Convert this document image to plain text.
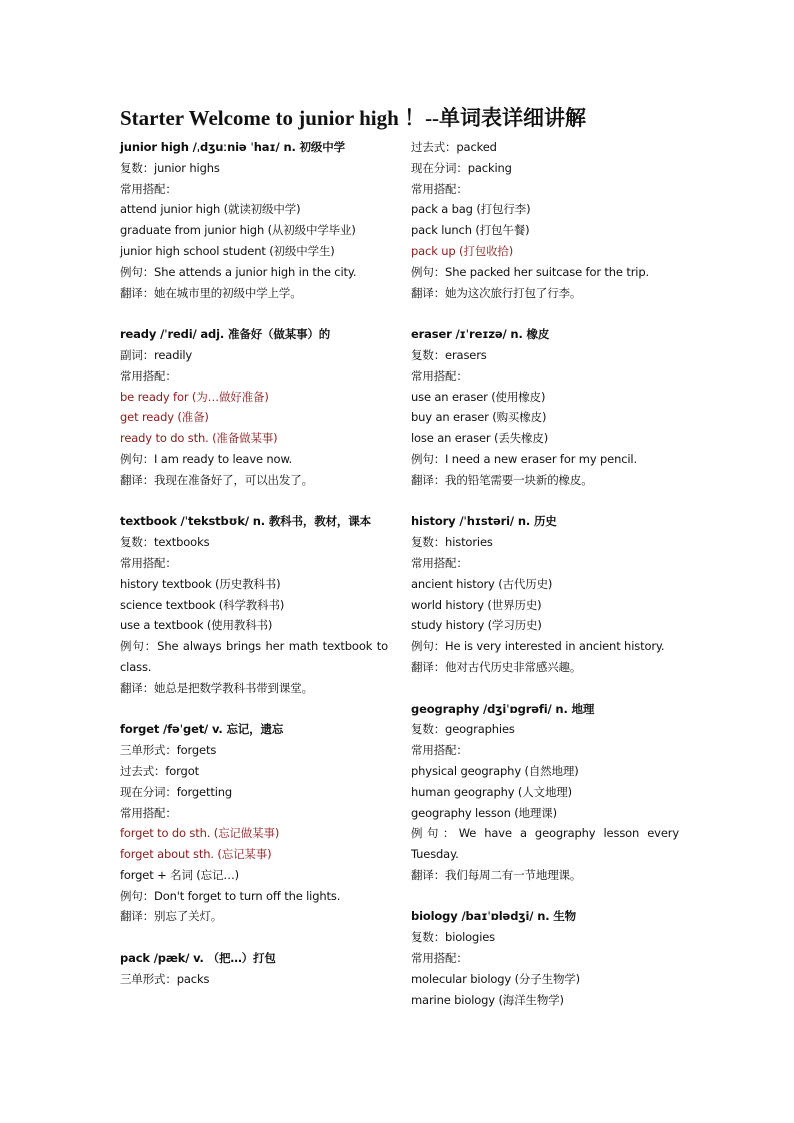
Starter Welcome to junior high ！--单词表详细讲解
junior high /ˌdʒuːniə ˈhaɪ/ n. 初级中学
复数：junior highs
常用搭配：
attend junior high (就读初级中学)
graduate from junior high (从初级中学毕业)
junior high school student (初级中学生)
例句：She attends a junior high in the city.
翻译：她在城市里的初级中学上学。
ready /ˈredi/ adj. 准备好（做某事）的
副词：readily
常用搭配：
be ready for (为…做好准备)
get ready (准备)
ready to do sth. (准备做某事)
例句：I am ready to leave now.
翻译：我现在准备好了，可以出发了。
textbook /ˈtekstbʊk/ n. 教科书，教材，课本
复数：textbooks
常用搭配：
history textbook (历史教科书)
science textbook (科学教科书)
use a textbook (使用教科书)
例句：She always brings her math textbook to class.
翻译：她总是把数学教科书带到课堂。
forget /fəˈget/ v. 忘记，遗忘
三单形式：forgets
过去式：forgot
现在分词：forgetting
常用搭配：
forget to do sth. (忘记做某事)
forget about sth. (忘记某事)
forget + 名词 (忘记…)
例句：Don't forget to turn off the lights.
翻译：别忘了关灯。
pack /pæk/ v. （把…）打包
三单形式：packs
过去式：packed
现在分词：packing
常用搭配：
pack a bag (打包行李)
pack lunch (打包午餐)
pack up (打包收拾)
例句：She packed her suitcase for the trip.
翻译：她为这次旅行打包了行李。
eraser /ɪˈreɪzə/ n. 橡皮
复数：erasers
常用搭配：
use an eraser (使用橡皮)
buy an eraser (购买橡皮)
lose an eraser (丢失橡皮)
例句：I need a new eraser for my pencil.
翻译：我的铅笔需要一块新的橡皮。
history /ˈhɪstəri/ n. 历史
复数：histories
常用搭配：
ancient history (古代历史)
world history (世界历史)
study history (学习历史)
例句：He is very interested in ancient history.
翻译：他对古代历史非常感兴趣。
geography /dʒiˈɒgrəfi/ n. 地理
复数：geographies
常用搭配：
physical geography (自然地理)
human geography (人文地理)
geography lesson (地理课)
例句：We have a geography lesson every Tuesday.
翻译：我们每周二有一节地理课。
biology /baɪˈɒlədʒi/ n. 生物
复数：biologies
常用搭配：
molecular biology (分子生物学)
marine biology (海洋生物学)
